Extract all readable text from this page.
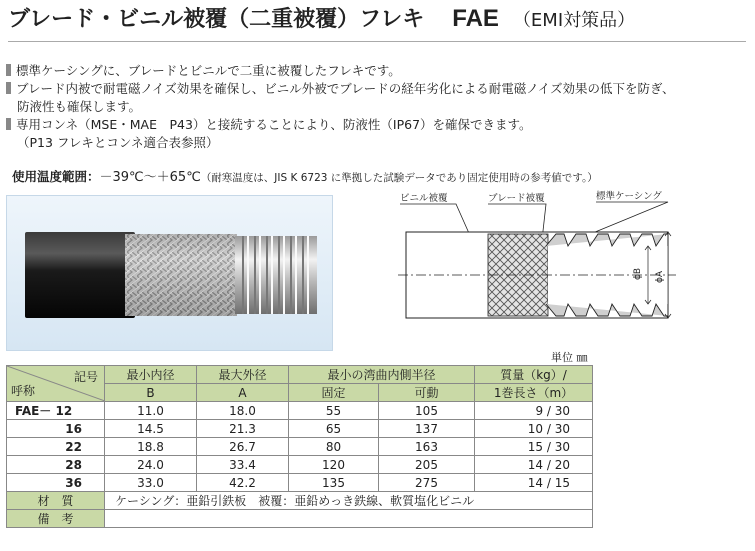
ブレード・ビニル被覆（二重被覆）フレキ FAE （EMI対策品）
標準ケーシングに、ブレードとビニルで二重に被覆したフレキです。
ブレード内被で耐電磁ノイズ効果を確保し、ビニル外被でブレードの経年劣化による耐電磁ノイズ効果の低下を防ぎ、
防液性も確保します。
専用コンネ（MSE・MAE　P43）と接続することにより、防液性（IP67）を確保できます。
（P13 フレキとコンネ適合表参照）
使用温度範囲：－39℃～＋65℃（耐寒温度は、JIS K 6723 に準拠した試験データであり固定使用時の参考値です。）
ビニル被覆	ブレード被覆	標準ケーシング
ϕB ϕA
単位 ㎜
記号
呼称	最小内径	最大外径	最小の湾曲内側半径		質量（kg）/
	B	A	固定	可動	1巻長さ（m）
FAE－ 12	11.0	18.0	55	105	9 / 30
16	14.5	21.3	65	137	10 / 30
22	18.8	26.7	80	163	15 / 30
28	24.0	33.4	120	205	14 / 20
36	33.0	42.2	135	275	14 / 15
材　質	ケーシング：亜鉛引鉄板　被覆：亜鉛めっき鉄線、軟質塩化ビニル				
備　考					
